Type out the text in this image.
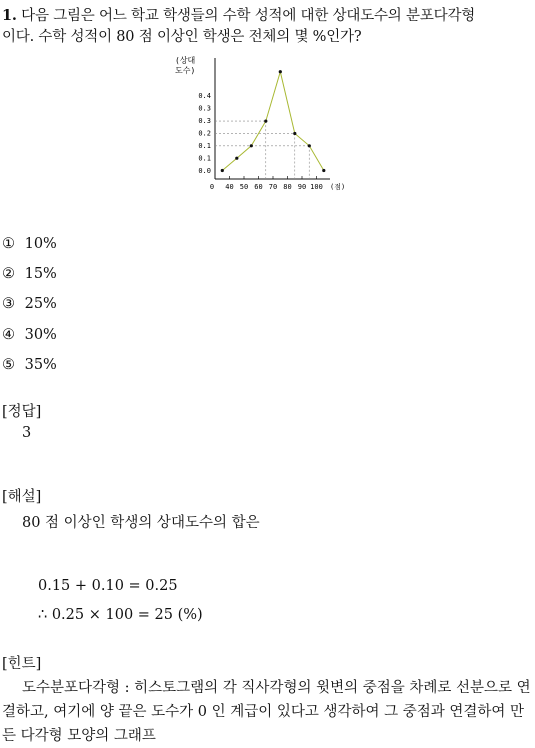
1. 다음 그림은 어느 학교 학생들의 수학 성적에 대한 상대도수의 분포다각형
이다. 수학 성적이 80 점 이상인 학생은 전체의 몇 %인가?
(상대
도수)
0.0
0.1
0.1
0.2
0.3
0.3
0.4
40 50 60 70 80 90 100
0	(점)
① 10%
② 15%
③ 25%
④ 30%
⑤ 35%
[정답]
3
[해설]
80 점 이상인 학생의 상대도수의 합은
0.15 + 0.10 = 0.25
∴ 0.25 × 100 = 25 (%)
[힌트]
도수분포다각형 : 히스토그램의 각 직사각형의 윗변의 중점을 차례로 선분으로 연결하고, 여기에 양 끝은 도수가 0 인 계급이 있다고 생각하여 그 중점과 연결하여 만든 다각형 모양의 그래프
